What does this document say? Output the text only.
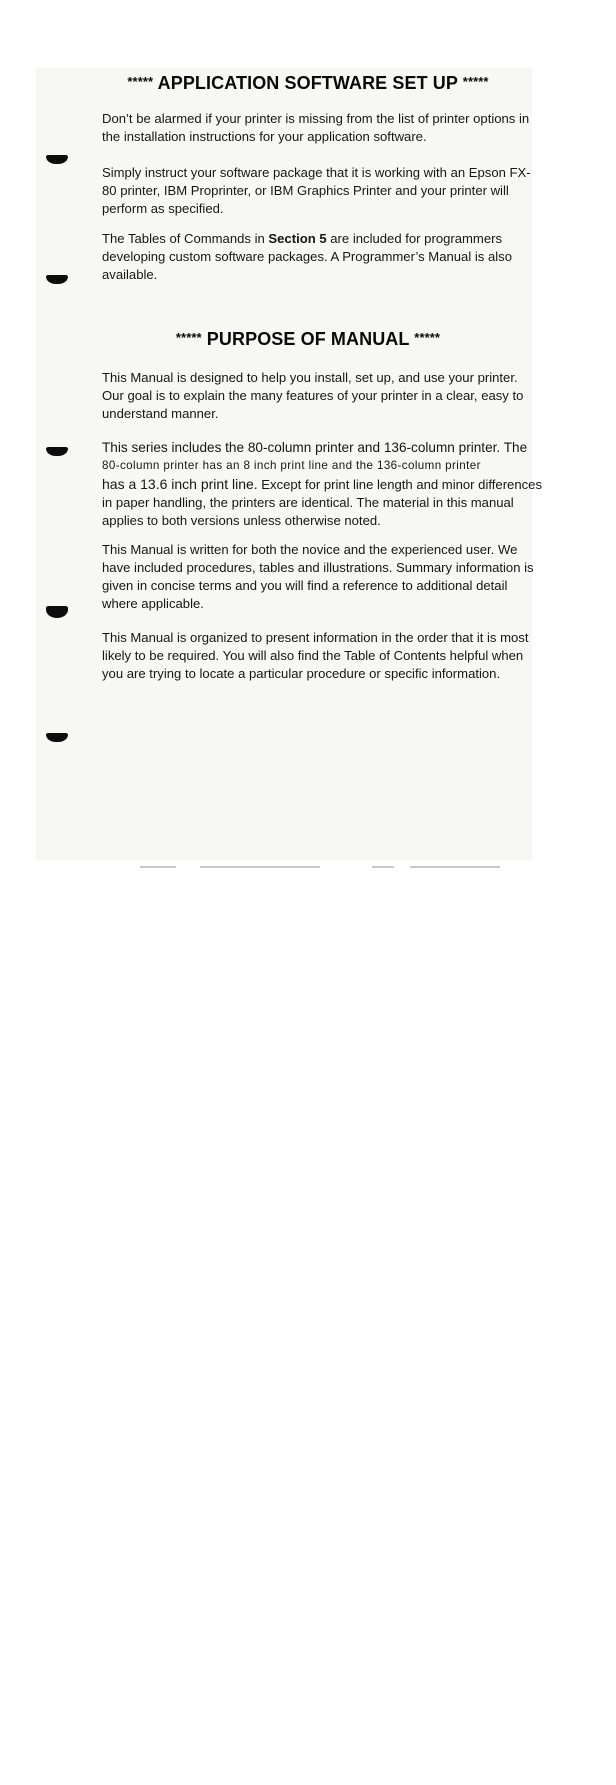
***** APPLICATION SOFTWARE SET UP *****
Don’t be alarmed if your printer is missing from the list of printer options in the installation instructions for your application software.
Simply instruct your software package that it is working with an Epson FX-80 printer, IBM Proprinter, or IBM Graphics Printer and your printer will perform as specified.
The Tables of Commands in Section 5 are included for programmers developing custom software packages. A Programmer’s Manual is also available.
***** PURPOSE OF MANUAL *****
This Manual is designed to help you install, set up, and use your printer. Our goal is to explain the many features of your printer in a clear, easy to understand manner.
This series includes the 80-column printer and 136-column printer. The
80-column printer has an 8 inch print line and the 136-column printer
has a 13.6 inch print line. Except for print line length and minor differences in paper handling, the printers are identical. The material in this manual applies to both versions unless otherwise noted.
This Manual is written for both the novice and the experienced user. We have included procedures, tables and illustrations. Summary information is given in concise terms and you will find a reference to additional detail where applicable.
This Manual is organized to present information in the order that it is most likely to be required. You will also find the Table of Contents helpful when you are trying to locate a particular procedure or specific information.
